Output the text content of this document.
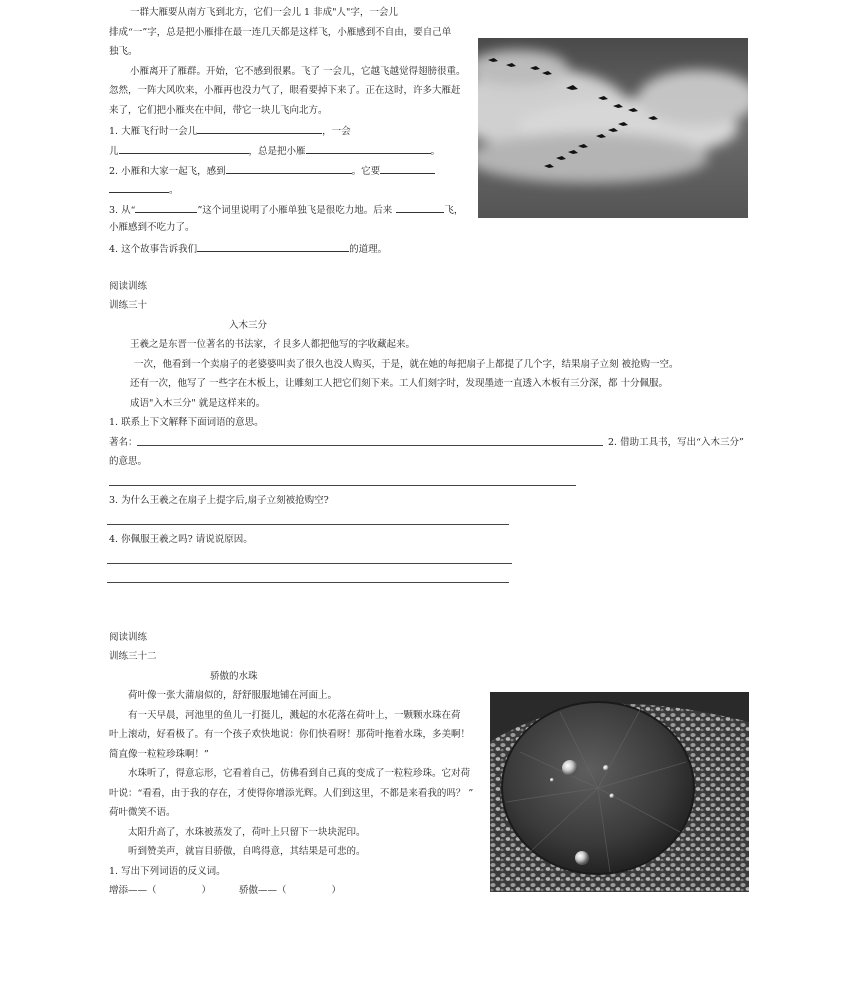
一群大雁要从南方飞到北方，它们一会儿 1 非成"人"字，一会儿
排成“一”字，总是把小雁排在最一连几天都是这样飞，小雁感到不自由，要自己单
独飞。
小雁离开了雁群。开始，它不感到很累。飞了 一会儿，它越飞越觉得翅膀很重。
忽然，一阵大风吹来，小雁再也没力气了，眼看要掉下来了。正在这时，许多大雁赶
来了，它们把小雁夹在中间，带它一块儿飞向北方。
1. 大雁飞行时一会儿	，一会
儿	，总是把小雁	。
2. 小雁和大家一起飞，感到	。它要
。
3. 从“	”这个词里说明了小雁单独飞是很吃力地。后来	飞，
小雁感到不吃力了。
4. 这个故事告诉我们	的道理。
阅读训练
训练三十
入木三分
王羲之是东晋一位著名的书法家，彳艮多人都把他写的字收藏起来。
一次，他看到一个卖扇子的老婆婆叫卖了很久也没人购买，于是，就在她的每把扇子上都提了几个字，结果扇子立刻 被抢购一空。
还有一次，他写了 一些字在木板上，让雕刻工人把它们刻下来。工人们刻字时，发现墨迹一直透入木板有三分深，都 十分佩服。
成语"入木三分" 就是这样来的。
1. 联系上下文解释下面词语的意思。
著名：	2. 借助工具书，写出“入木三分”
的意思。
3. 为什么王羲之在扇子上提字后,扇子立刻被抢购空?
4. 你佩服王羲之吗? 请说说原因。
阅读训练
训练三十二
骄傲的水珠
荷叶像一张大蒲扇似的，舒舒服服地铺在河面上。
有一天早晨，河池里的鱼儿一打挺儿，溅起的水花落在荷叶上，一颗颗水珠在荷
叶上滚动，好看极了。有一个孩子欢快地说：你们快看呀！那荷叶拖着水珠，多美啊！
简直像一粒粒珍珠啊！”
水珠听了，得意忘形，它看着自己，仿佛看到自己真的变成了一粒粒珍珠。它对荷
叶说：“看看，由于我的存在，才使得你增添光辉。人们到这里，不都是来看我的吗？ ”
荷叶微笑不语。
太阳升高了，水珠被蒸发了，荷叶上只留下一块块泥印。
听到赞美声，就盲目骄傲，自鸣得意，其结果是可悲的。
1. 写出下列词语的反义词。
增添——（	）	骄傲——（	）
